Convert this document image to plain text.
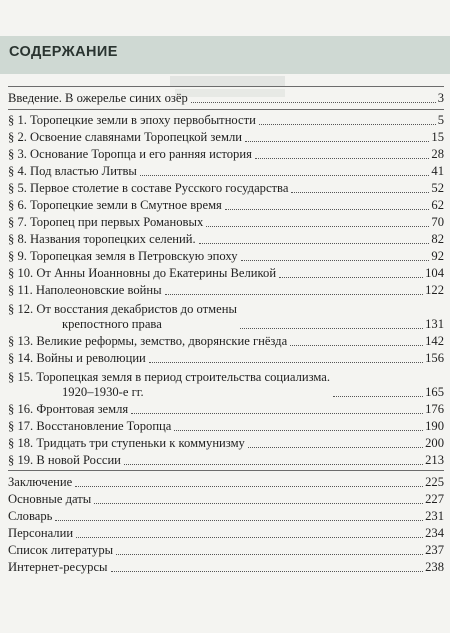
СОДЕРЖАНИЕ
Введение. В ожерелье синих озёр	3
§ 1. Торопецкие земли в эпоху первобытности	5
§ 2. Освоение славянами Торопецкой земли	15
§ 3. Основание Торопца и его ранняя история	28
§ 4. Под властью Литвы	41
§ 5. Первое столетие в составе Русского государства	52
§ 6. Торопецкие земли в Смутное время	62
§ 7. Торопец при первых Романовых	70
§ 8. Названия торопецких селений.	82
§ 9. Торопецкая земля в Петровскую эпоху	92
§ 10. От Анны Иоанновны до Екатерины Великой	104
§ 11. Наполеоновские войны	122
§ 12. От восстания декабристов до отмены
крепостного права	131
§ 13. Великие реформы, земство, дворянские гнёзда	142
§ 14. Войны и революции	156
§ 15. Торопецкая земля в период строительства социализма.
1920–1930-е гг.	165
§ 16. Фронтовая земля	176
§ 17. Восстановление Торопца	190
§ 18. Тридцать три ступеньки к коммунизму	200
§ 19. В новой России	213
Заключение	225
Основные даты	227
Словарь	231
Персоналии	234
Список литературы	237
Интернет-ресурсы	238
